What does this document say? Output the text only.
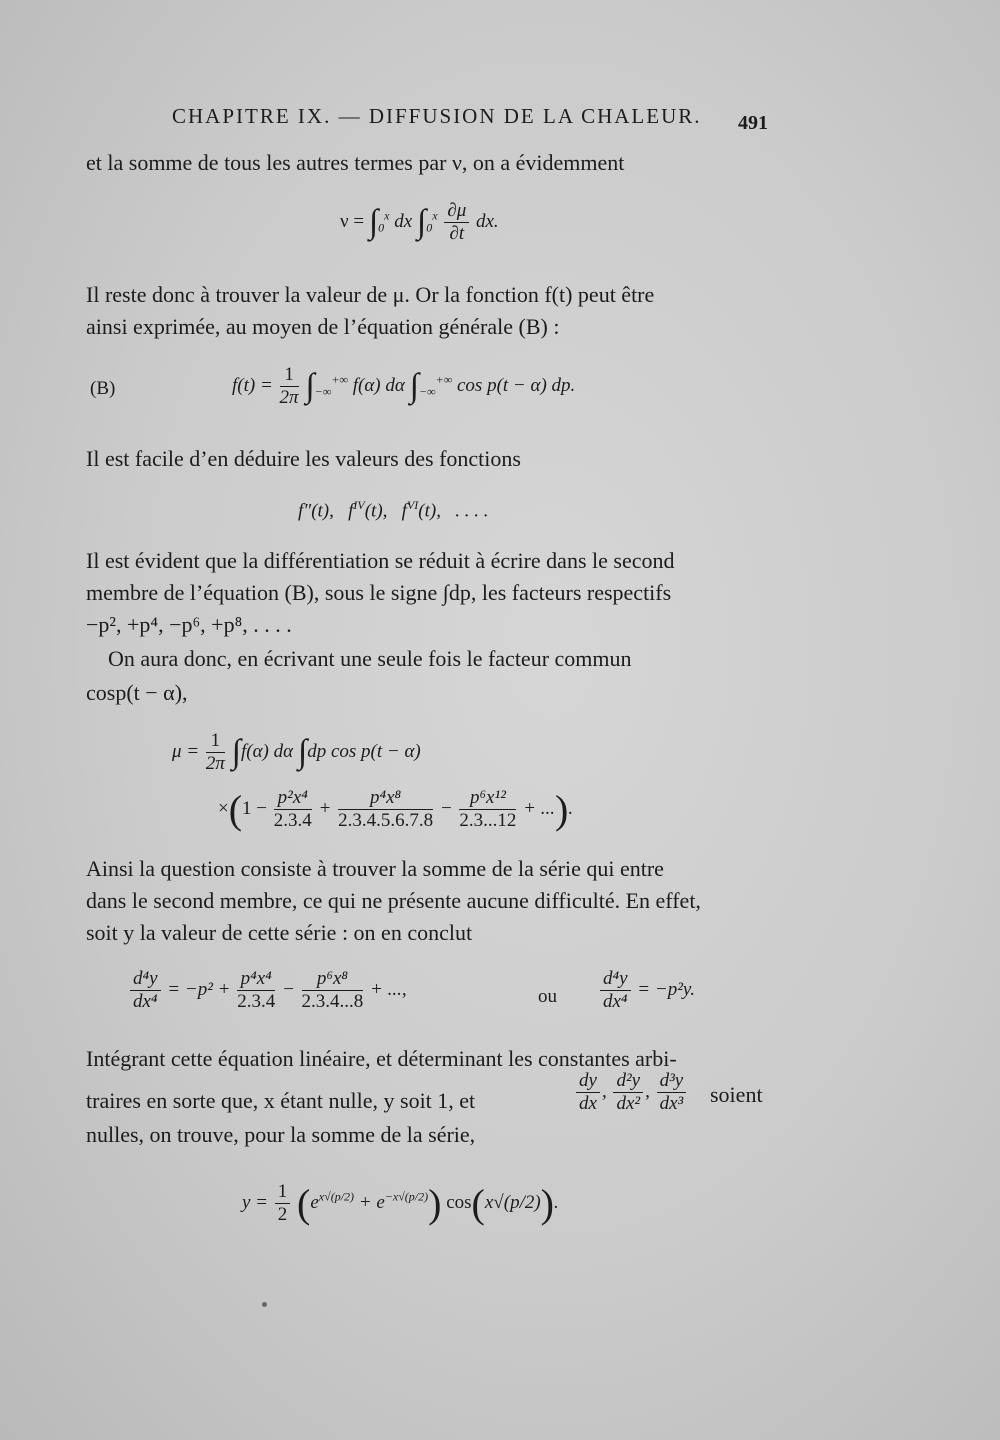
CHAPITRE IX. — DIFFUSION DE LA CHALEUR. 491
et la somme de tous les autres termes par ν, on a évidemment
$\nu = \int_0^x$ dx $\int_0^x \frac{\partial\mu}{\partial t}$ dx.
Il reste donc à trouver la valeur de μ. Or la fonction f(t) peut être
ainsi exprimée, au moyen de l’équation générale (B) :
(B)	$f(t) = \frac{1}{2\pi} \int_{-\infty}^{+\infty}$ f(α) dα $\int_{-\infty}^{+\infty}$ cos p(t − α) dp.
Il est facile d’en déduire les valeurs des fonctions
f″(t),   $f^{IV}(t)$,   $f^{VI}(t)$,   . . . .
Il est évident que la différentiation se réduit à écrire dans le second
membre de l’équation (B), sous le signe ∫dp, les facteurs respectifs
−p², +p⁴, −p⁶, +p⁸, . . . .
On aura donc, en écrivant une seule fois le facteur commun
cosp(t − α),
$\mu = \frac{1}{2\pi} \int f(\alpha)$ dα ∫dp cos p(t − α)
$\times(1 - \frac{\text{p²x⁴}}{2.3.4} + \frac{\text{p⁴x⁸}}{2.3.4.5.6.7.8} - \frac{\text{p⁶x¹²}}{2.3...12}$ + ...).
Ainsi la question consiste à trouver la somme de la série qui entre
dans le second membre, ce qui ne présente aucune difficulté. En effet,
soit y la valeur de cette série : on en conclut
$\frac{\text{d⁴y}}{\text{dx⁴}} = -p^2 + \frac{\text{p⁴x⁴}}{2.3.4} - \frac{\text{p⁶x⁸}}{2.3.4...8}$ + ...,	ou $\frac{\text{d⁴y}}{\text{dx⁴}} = -p^2y$.
Intégrant cette équation linéaire, et déterminant les constantes arbi-
traires en sorte que, x étant nulle, y soit 1, et	$\frac{dy}{dx}$ , $\frac{\text{d²y}}{\text{dx²}}$ , $\frac{\text{d³y}}{\text{dx³}}$ soient
nulles, on trouve, pour la somme de la série,
$y = \frac{1}{2} (e^{x√(p/2)} + e^{-x√(p/2)})$ cos(x√(p/2)).
